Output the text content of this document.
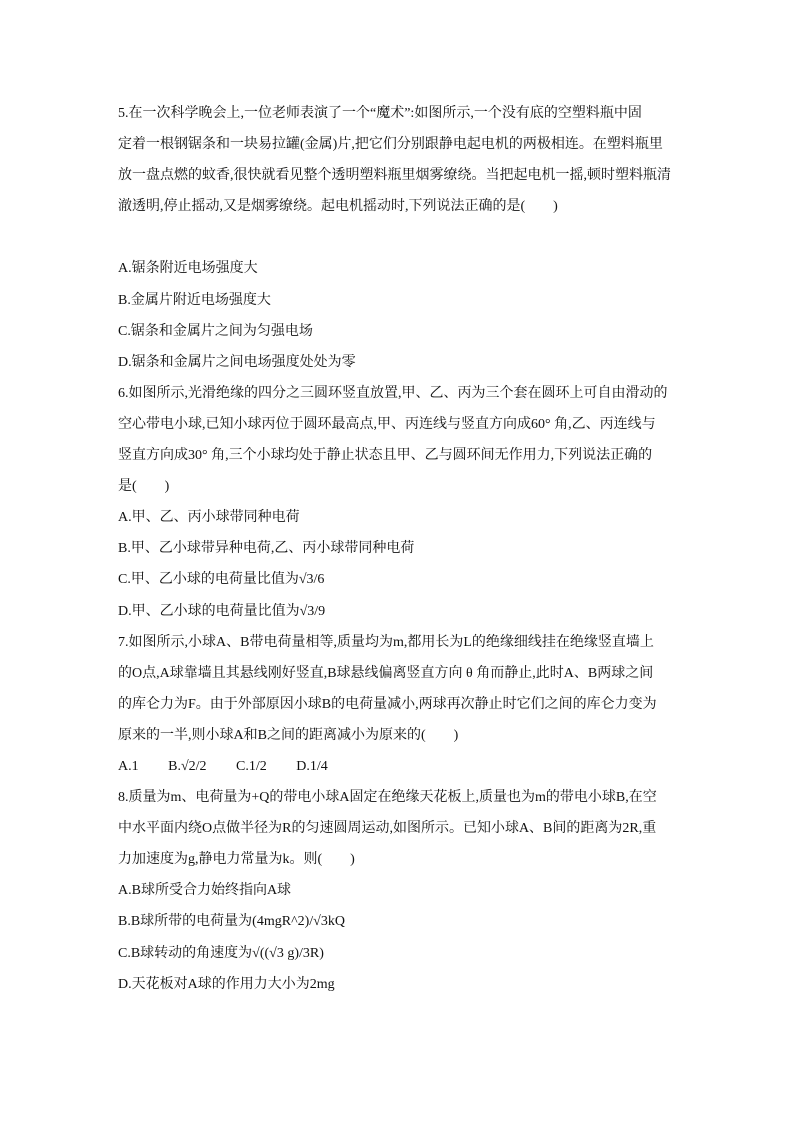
5.在一次科学晚会上,一位老师表演了一个“魔术”:如图所示,一个没有底的空塑料瓶中固
定着一根钢锯条和一块易拉罐(金属)片,把它们分别跟静电起电机的两极相连。在塑料瓶里
放一盘点燃的蚊香,很快就看见整个透明塑料瓶里烟雾缭绕。当把起电机一摇,顿时塑料瓶清
澈透明,停止摇动,又是烟雾缭绕。起电机摇动时,下列说法正确的是(　　)
A.锯条附近电场强度大
B.金属片附近电场强度大
C.锯条和金属片之间为匀强电场
D.锯条和金属片之间电场强度处处为零
6.如图所示,光滑绝缘的四分之三圆环竖直放置,甲、乙、丙为三个套在圆环上可自由滑动的
空心带电小球,已知小球丙位于圆环最高点,甲、丙连线与竖直方向成60° 角,乙、丙连线与
竖直方向成30° 角,三个小球均处于静止状态且甲、乙与圆环间无作用力,下列说法正确的
是(　　)
A.甲、乙、丙小球带同种电荷
B.甲、乙小球带异种电荷,乙、丙小球带同种电荷
C.甲、乙小球的电荷量比值为√3/6
D.甲、乙小球的电荷量比值为√3/9
7.如图所示,小球A、B带电荷量相等,质量均为m,都用长为L的绝缘细线挂在绝缘竖直墙上
的O点,A球靠墙且其悬线刚好竖直,B球悬线偏离竖直方向 θ 角而静止,此时A、B两球之间
的库仑力为F。由于外部原因小球B的电荷量减小,两球再次静止时它们之间的库仑力变为
原来的一半,则小球A和B之间的距离减小为原来的(　　)
A.1 B.√2/2 C.1/2 D.1/4
8.质量为m、电荷量为+Q的带电小球A固定在绝缘天花板上,质量也为m的带电小球B,在空
中水平面内绕O点做半径为R的匀速圆周运动,如图所示。已知小球A、B间的距离为2R,重
力加速度为g,静电力常量为k。则(　　)
A.B球所受合力始终指向A球
B.B球所带的电荷量为(4mgR^2)/√3kQ
C.B球转动的角速度为√((√3 g)/3R)
D.天花板对A球的作用力大小为2mg
